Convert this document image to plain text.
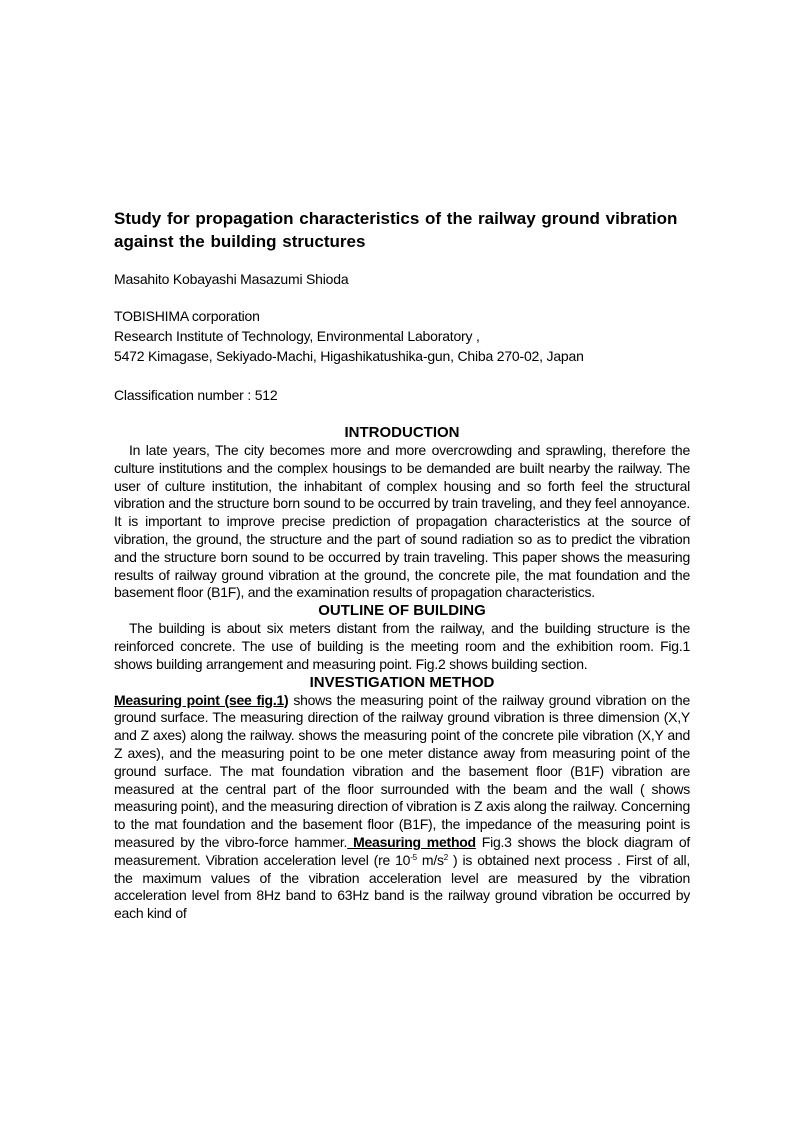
Study for propagation characteristics of the railway ground vibration against the building structures

Masahito Kobayashi Masazumi Shioda

TOBISHIMA corporation

Research Institute of Technology, Environmental Laboratory ,

5472 Kimagase, Sekiyado-Machi, Higashikatushika-gun, Chiba 270-02, Japan

Classification number : 512

INTRODUCTION

In late years, The city becomes more and more overcrowding and sprawling, therefore the culture institutions and the complex housings to be demanded are built nearby the railway. The user of culture institution, the inhabitant of complex housing and so forth feel the structural vibration and the structure born sound to be occurred by train traveling, and they feel annoyance. It is important to improve precise prediction of propagation characteristics at the source of vibration, the ground, the structure and the part of sound radiation so as to predict the vibration and the structure born sound to be occurred by train traveling. This paper shows the measuring results of railway ground vibration at the ground, the concrete pile, the mat foundation and the basement floor (B1F), and the examination results of propagation characteristics.

OUTLINE OF BUILDING

The building is about six meters distant from the railway, and the building structure is the reinforced concrete. The use of building is the meeting room and the exhibition room. Fig.1 shows building arrangement and measuring point. Fig.2 shows building section.

INVESTIGATION METHOD

Measuring point (see fig.1) shows the measuring point of the railway ground vibration on the ground surface. The measuring direction of the railway ground vibration is three dimension (X,Y and Z axes) along the railway. shows the measuring point of the concrete pile vibration (X,Y and Z axes), and the measuring point to be one meter distance away from measuring point of the ground surface. The mat foundation vibration and the basement floor (B1F) vibration are measured at the central part of the floor surrounded with the beam and the wall ( shows measuring point), and the measuring direction of vibration is Z axis along the railway. Concerning to the mat foundation and the basement floor (B1F), the impedance of the measuring point is measured by the vibro-force hammer. Measuring method Fig.3 shows the block diagram of measurement. Vibration acceleration level (re $10^{-5}$ $m/s^2$ ) is obtained next process . First of all, the maximum values of the vibration acceleration level are measured by the vibration acceleration level from 8Hz band to 63Hz band is the railway ground vibration be occurred by each kind of
